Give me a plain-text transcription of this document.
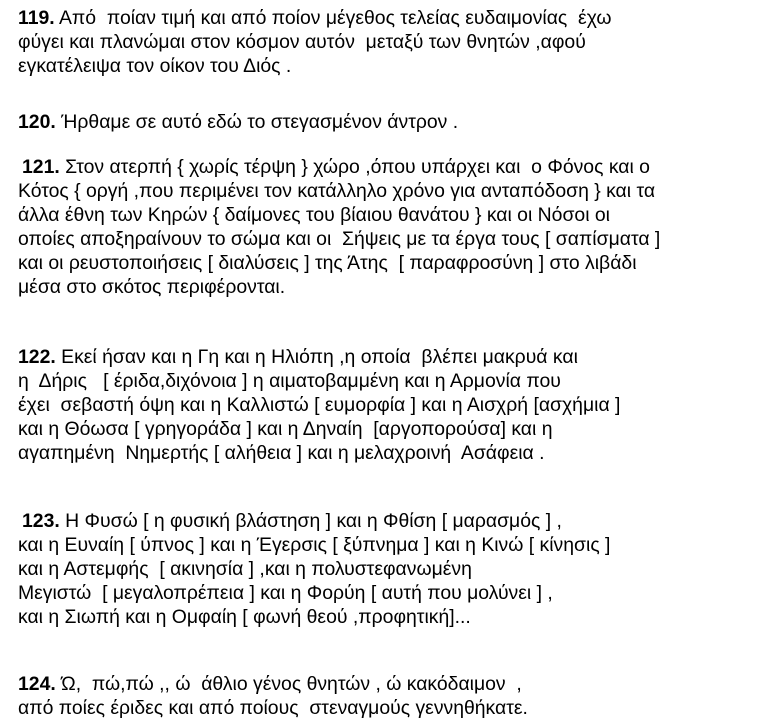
119. Από  ποίαν τιμή και από ποίον μέγεθος τελείας ευδαιμονίας  έχω
φύγει και πλανώμαι στον κόσμον αυτόν  μεταξύ των θνητών ,αφού
εγκατέλειψα τον οίκον του Διός .
120. Ήρθαμε σε αυτό εδώ το στεγασμένον άντρον .
121. Στον ατερπή { χωρίς τέρψη } χώρο ,όπου υπάρχει και  ο Φόνος και ο
Κότος { οργή ,που περιμένει τον κατάλληλο χρόνο για ανταπόδοση } και τα
άλλα έθνη των Κηρών { δαίμονες του βίαιου θανάτου } και οι Νόσοι οι
οποίες αποξηραίνουν το σώμα και οι  Σήψεις με τα έργα τους [ σαπίσματα ]
και οι ρευστοποιήσεις [ διαλύσεις ] της Άτης  [ παραφροσύνη ] στο λιβάδι
μέσα στο σκότος περιφέρονται.
122. Εκεί ήσαν και η Γη και η Ηλιόπη ,η οποία  βλέπει μακρυά και
η  Δήρις   [ έριδα,διχόνοια ] η αιματοβαμμένη και η Αρμονία που
έχει  σεβαστή όψη και η Καλλιστώ [ ευμορφία ] και η Αισχρή [ασχήμια ]
και η Θόωσα [ γρηγοράδα ] και η Δηναίη  [αργοπορούσα] και η
αγαπημένη  Νημερτής [ αλήθεια ] και η μελαχροινή  Ασάφεια .
123. Η Φυσώ [ η φυσική βλάστηση ] και η Φθίση [ μαρασμός ] ,
και η Ευναίη [ ύπνος ] και η Έγερσις [ ξύπνημα ] και η Κινώ [ κίνησις ]
και η Αστεμφής  [ ακινησία ] ,και η πολυστεφανωμένη
Μεγιστώ  [ μεγαλοπρέπεια ] και η Φορύη [ αυτή που μολύνει ] ,
και η Σιωπή και η Ομφαίη [ φωνή θεού ,προφητική]...
124. Ώ,  πώ,πώ ,, ώ  άθλιο γένος θνητών , ώ κακόδαιμον  ,
από ποίες έριδες και από ποίους  στεναγμούς γεννηθήκατε.
